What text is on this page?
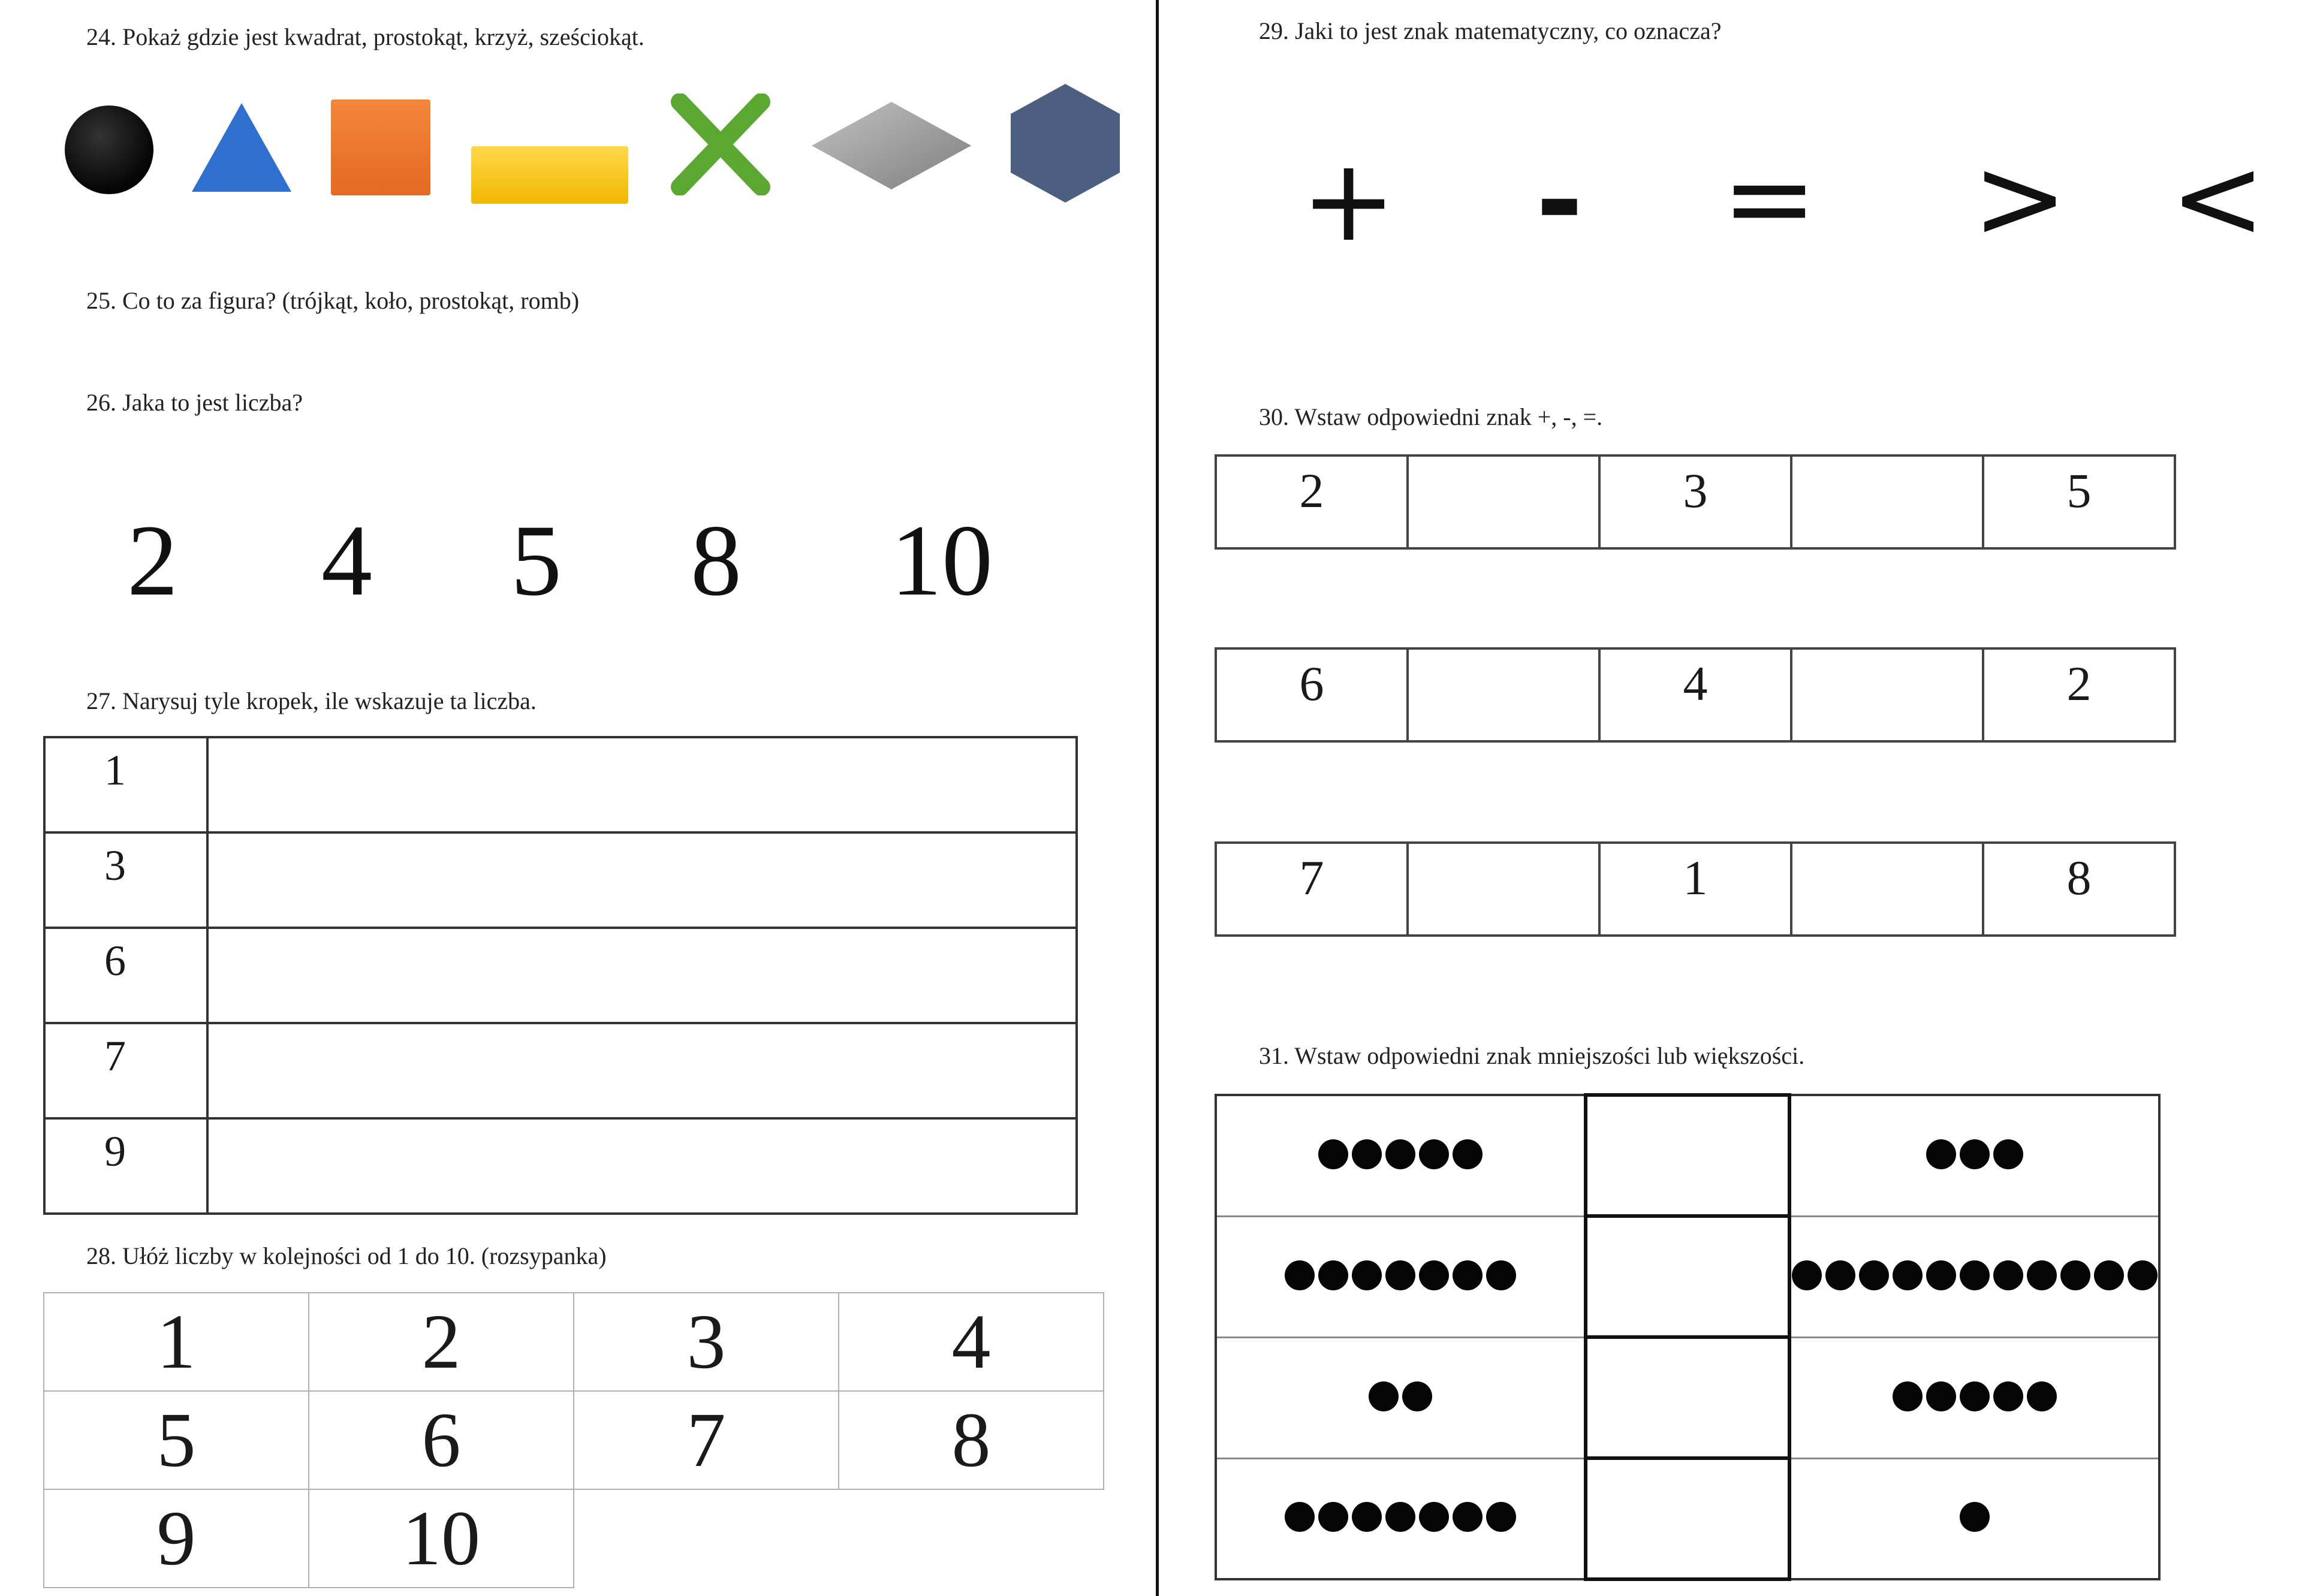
24. Pokaż gdzie jest kwadrat, prostokąt, krzyż, sześciokąt.
25. Co to za figura? (trójkąt, koło, prostokąt, romb)
26. Jaka to jest liczba?
2 4 5 8 10
27. Narysuj tyle kropek, ile wskazuje ta liczba.
1	
3	
6	
7	
9	
28. Ułóż liczby w kolejności od 1 do 10. (rozsypanka)
1	2	3	4
5	6	7	8
9	10		
29. Jaki to jest znak matematyczny, co oznacza?
+ - = > <
30. Wstaw odpowiedni znak +, -, =.
2		3		5
6		4		2
7		1		8
31. Wstaw odpowiedni znak mniejszości lub większości.
